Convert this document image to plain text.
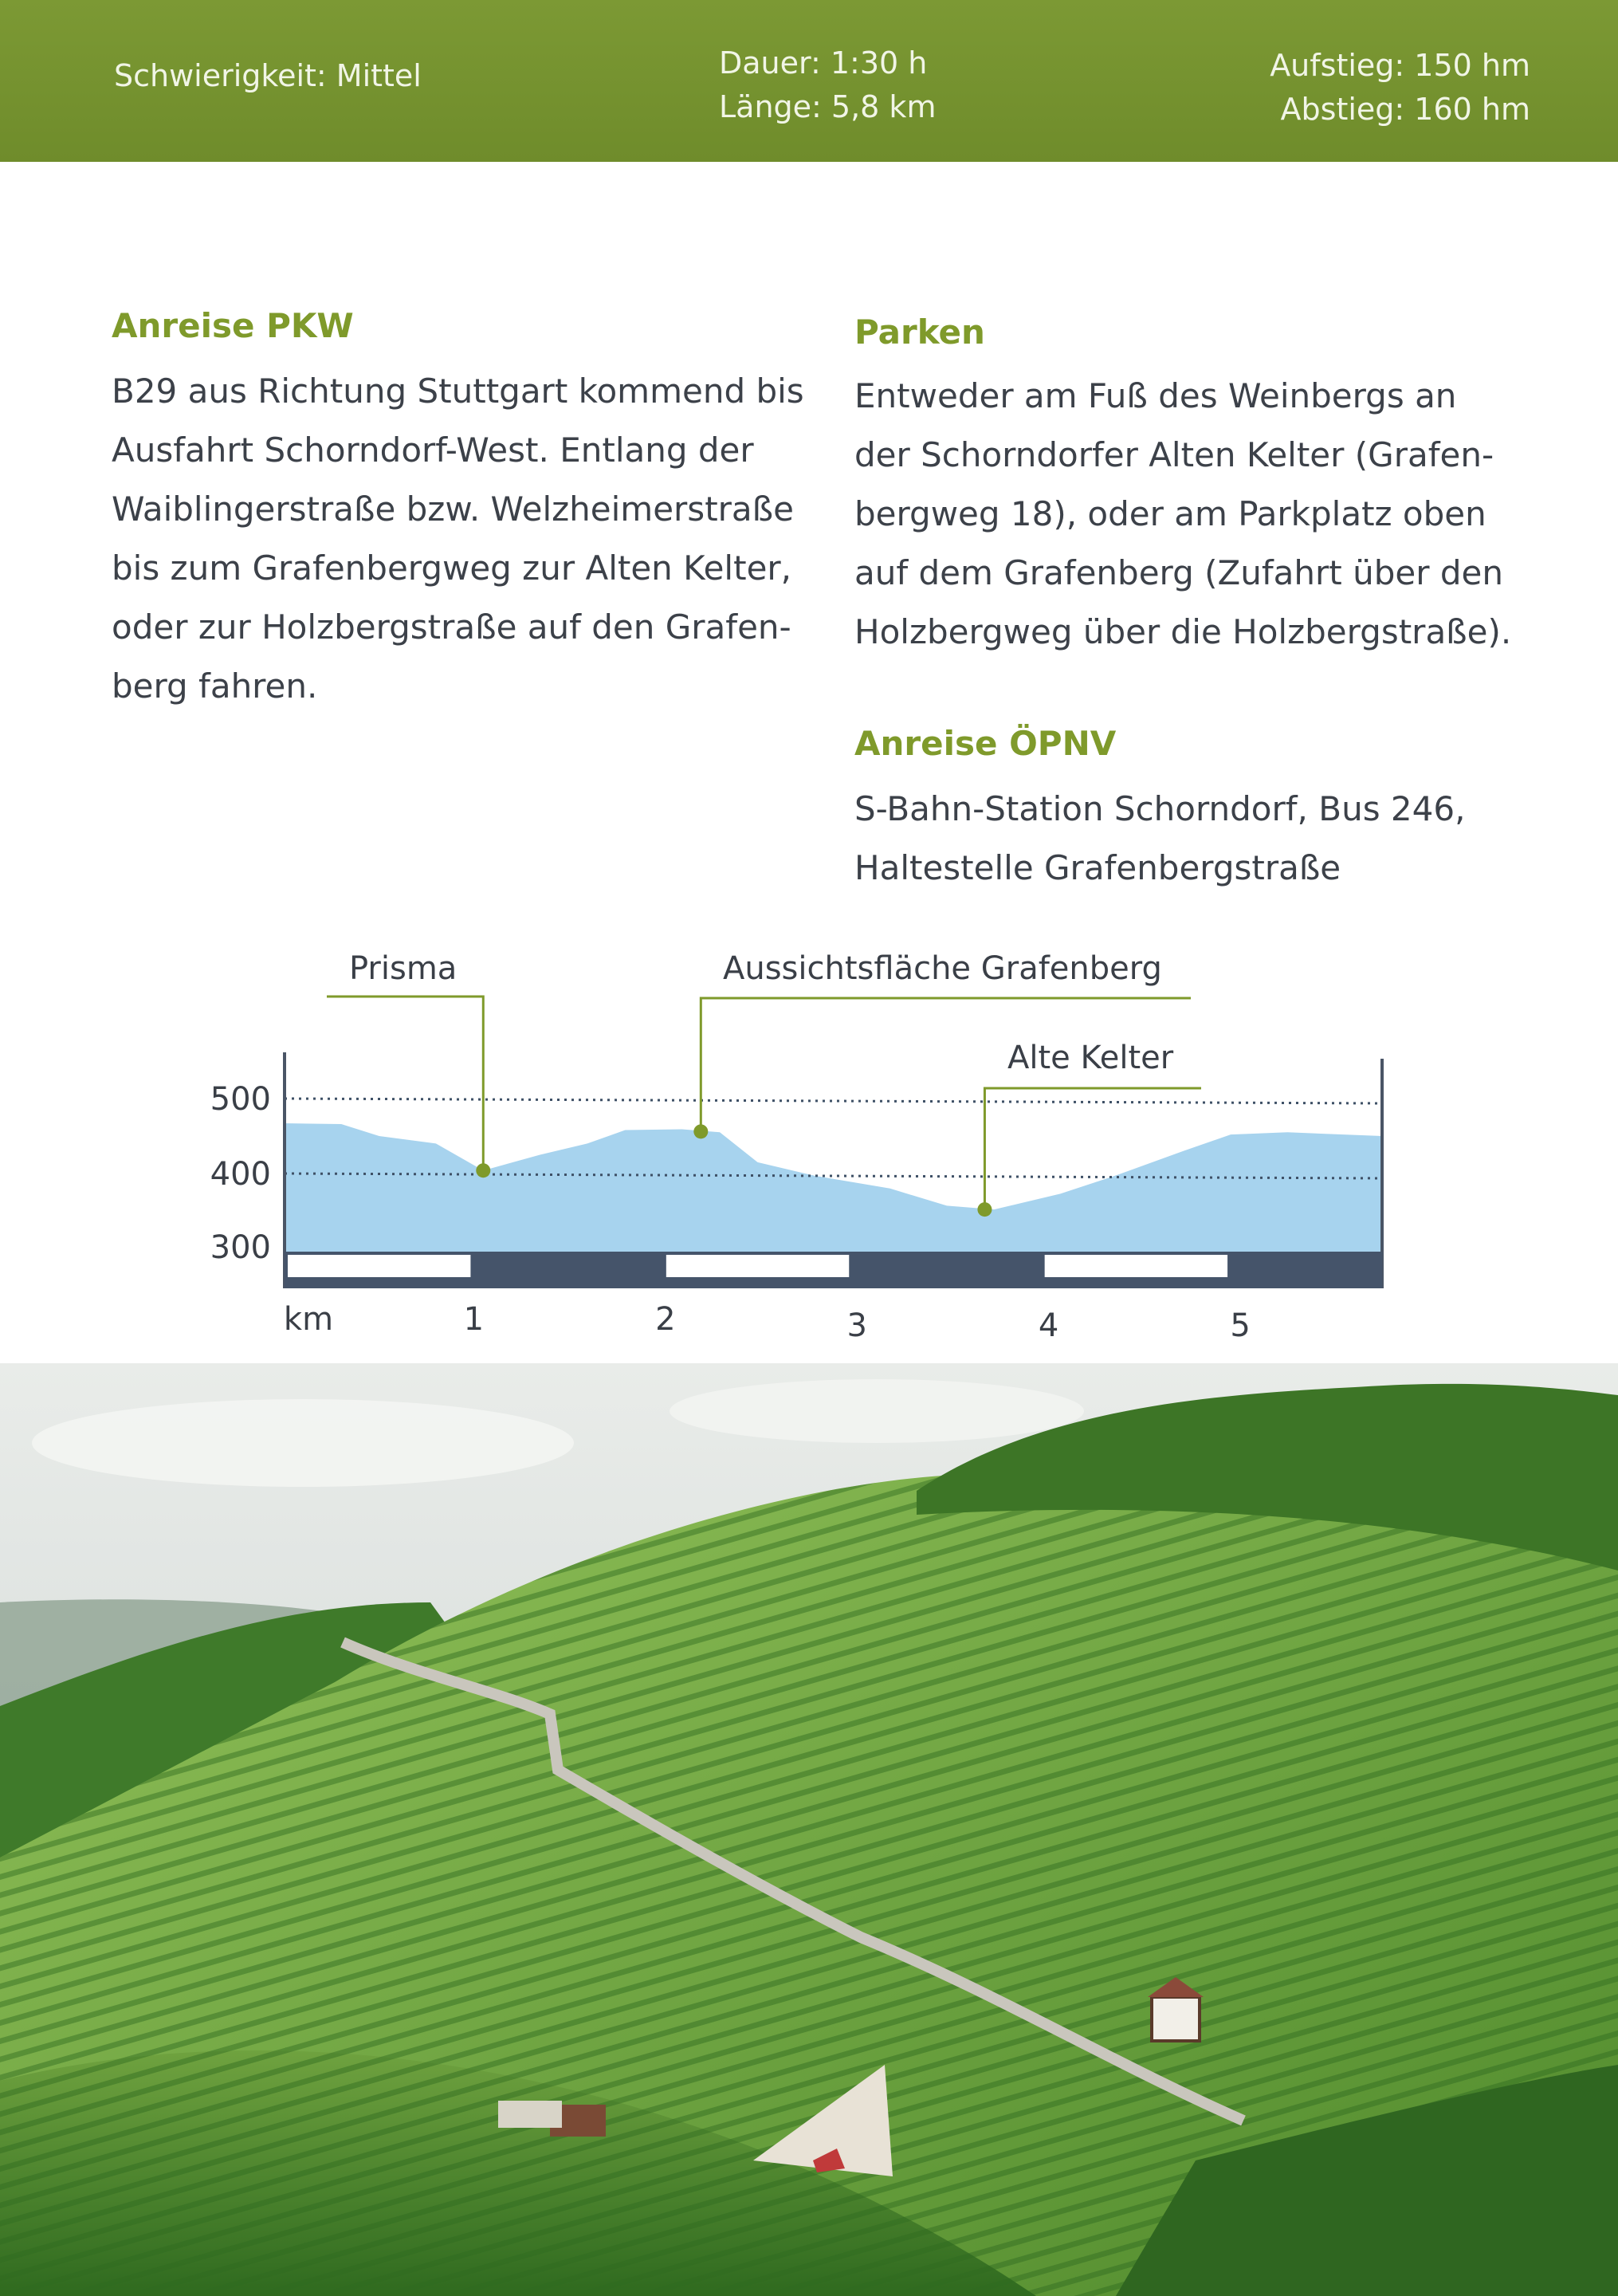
Schwierigkeit: Mittel	Dauer: 1:30 h
Länge: 5,8 km
Aufstieg: 150 hm
Abstieg: 160 hm
Anreise PKW
B29 aus Richtung Stuttgart kommend bis
Ausfahrt Schorndorf-West. Entlang der
Waiblingerstraße bzw. Welzheimerstraße
bis zum Grafenbergweg zur Alten Kelter,
oder zur Holzbergstraße auf den Grafen-
berg fahren.
Parken
Entweder am Fuß des Weinbergs an
der Schorndorfer Alten Kelter (Grafen-
bergweg 18), oder am Parkplatz oben
auf dem Grafenberg (Zufahrt über den
Holzbergweg über die Holzbergstraße).
Anreise ÖPNV
S-Bahn-Station Schorndorf, Bus 246,
Haltestelle Grafenbergstraße
500
400
300
km	1	2	3	4	5
Prisma	Aussichtsfläche Grafenberg
Alte Kelter
